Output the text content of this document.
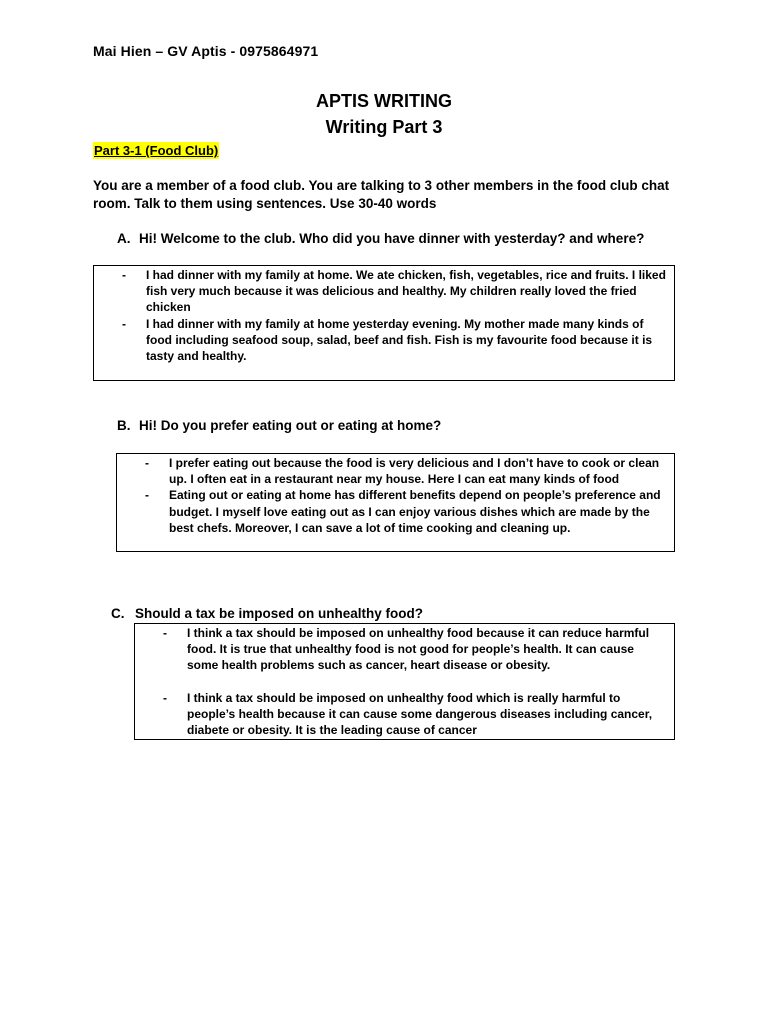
Mai Hien – GV Aptis - 0975864971
APTIS WRITING
Writing Part 3
Part 3-1 (Food Club)
You are a member of a food club. You are talking to 3 other members in the food club chat room. Talk to them using sentences. Use 30-40 words
A. Hi! Welcome to the club. Who did you have dinner with yesterday? and where?
- I had dinner with my family at home. We ate chicken, fish, vegetables, rice and fruits. I liked fish very much because it was delicious and healthy. My children really loved the fried chicken
- I had dinner with my family at home yesterday evening. My mother made many kinds of food including seafood soup, salad, beef and fish. Fish is my favourite food because it is tasty and healthy.
B. Hi! Do you prefer eating out or eating at home?
- I prefer eating out because the food is very delicious and I don’t have to cook or clean up. I often eat in a restaurant near my house. Here I can eat many kinds of food
- Eating out or eating at home has different benefits depend on people’s preference and budget. I myself love eating out as I can enjoy various dishes which are made by the best chefs. Moreover, I can save a lot of time cooking and cleaning up.
C. Should a tax be imposed on unhealthy food?
- I think a tax should be imposed on unhealthy food because it can reduce harmful food. It is true that unhealthy food is not good for people’s health. It can cause some health problems such as cancer, heart disease or obesity.
- I think a tax should be imposed on unhealthy food which is really harmful to people’s health because it can cause some dangerous diseases including cancer, diabete or obesity. It is the leading cause of cancer
